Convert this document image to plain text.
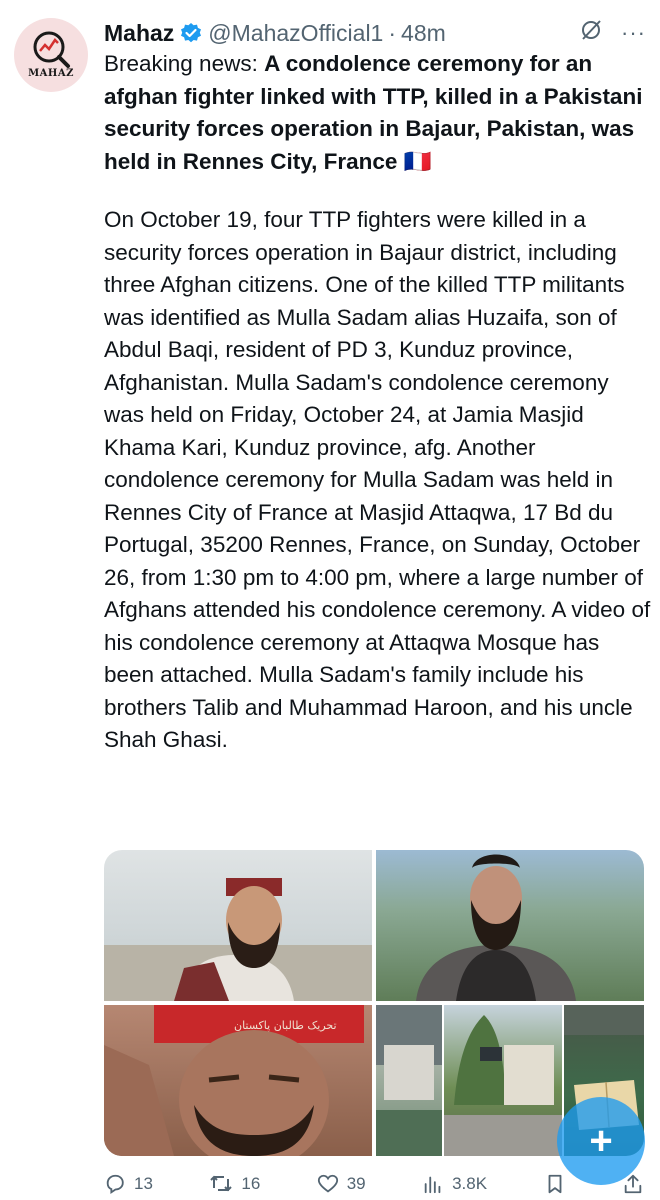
MAHAZ
Mahaz @MahazOfficial1 · 48m	···

Breaking news: A condolence ceremony for an afghan fighter linked with TTP, killed in a Pakistani security forces operation in Bajaur, Pakistan, was held in Rennes City, France 🇫🇷

On October 19, four TTP fighters were killed in a security forces operation in Bajaur district, including three Afghan citizens. One of the killed TTP militants was identified as Mulla Sadam alias Huzaifa, son of Abdul Baqi, resident of PD 3, Kunduz province, Afghanistan. Mulla Sadam's condolence ceremony was held on Friday, October 24, at Jamia Masjid Khama Kari, Kunduz province, afg. Another condolence ceremony for Mulla Sadam was held in Rennes City of France at Masjid Attaqwa, 17 Bd du Portugal, 35200 Rennes, France, on Sunday, October 26, from 1:30 pm to 4:00 pm, where a large number of Afghans attended his condolence ceremony. A video of his condolence ceremony at Attaqwa Mosque has been attached. Mulla Sadam's family include his brothers Talib and Muhammad Haroon, and his uncle Shah Ghasi.

تحریک طالبان پاکستان
+
13	16	39	3.8K
